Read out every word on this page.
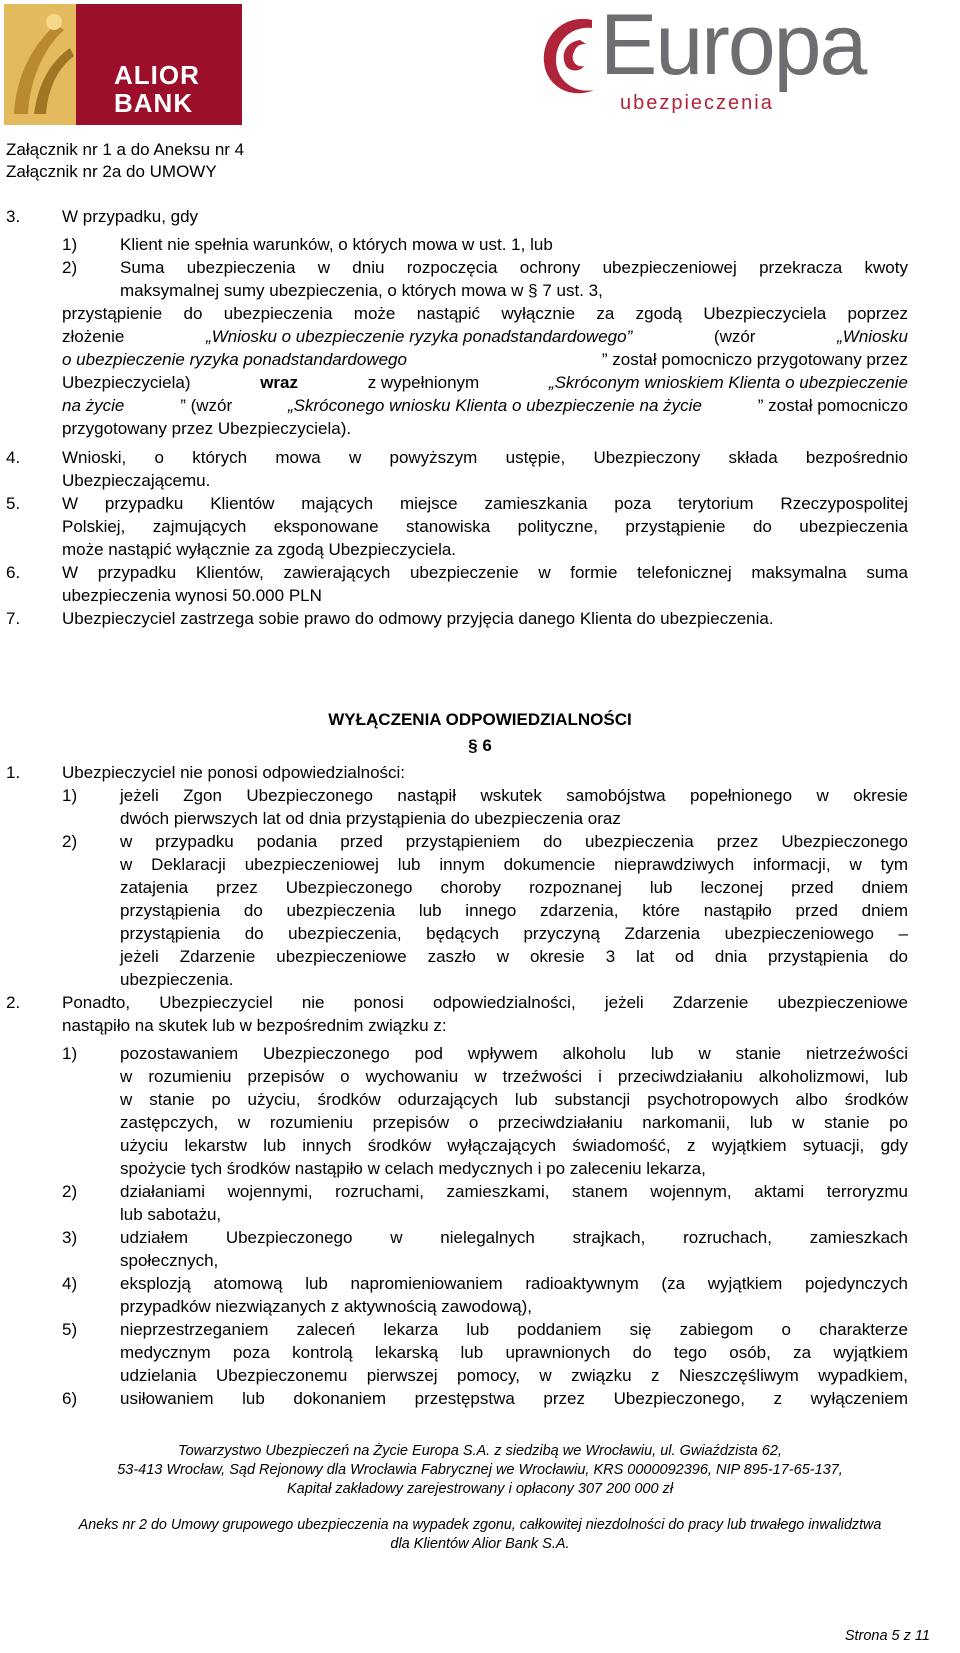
ALIOR
BANK
Europa
ubezpieczenia
Załącznik nr 1 a do Aneksu nr 4
Załącznik nr 2a do UMOWY
3. W przypadku, gdy
1)	Klient nie spełnia warunków, o których mowa w ust. 1, lub
2)	Suma ubezpieczenia w dniu rozpoczęcia ochrony ubezpieczeniowej przekracza kwoty
maksymalnej sumy ubezpieczenia, o których mowa w § 7 ust. 3,
przystąpienie do ubezpieczenia może nastąpić wyłącznie za zgodą Ubezpieczyciela poprzez
złożenie	„Wniosku o ubezpieczenie ryzyka ponadstandardowego”	(wzór	„Wniosku
o ubezpieczenie ryzyka ponadstandardowego	” został pomocniczo przygotowany przez
Ubezpieczyciela)	wraz	z wypełnionym	„Skróconym wnioskiem Klienta o ubezpieczenie
na życie	” (wzór	„Skróconego wniosku Klienta o ubezpieczenie na życie	” został pomocniczo
przygotowany przez Ubezpieczyciela).
4. Wnioski, o których mowa w powyższym ustępie, Ubezpieczony składa bezpośrednio
Ubezpieczającemu.
5. W przypadku Klientów mających miejsce zamieszkania poza terytorium Rzeczypospolitej
Polskiej, zajmujących eksponowane stanowiska polityczne, przystąpienie do ubezpieczenia
może nastąpić wyłącznie za zgodą Ubezpieczyciela.
6. W przypadku Klientów, zawierających ubezpieczenie w formie telefonicznej maksymalna suma
ubezpieczenia wynosi 50.000 PLN
7. Ubezpieczyciel zastrzega sobie prawo do odmowy przyjęcia danego Klienta do ubezpieczenia.
WYŁĄCZENIA ODPOWIEDZIALNOŚCI
§ 6
1. Ubezpieczyciel nie ponosi odpowiedzialności:
1)	jeżeli Zgon Ubezpieczonego nastąpił wskutek samobójstwa popełnionego w okresie
dwóch pierwszych lat od dnia przystąpienia do ubezpieczenia oraz
2)	w przypadku podania przed przystąpieniem do ubezpieczenia przez Ubezpieczonego
w Deklaracji ubezpieczeniowej lub innym dokumencie nieprawdziwych informacji, w tym
zatajenia przez Ubezpieczonego choroby rozpoznanej lub leczonej przed dniem
przystąpienia do ubezpieczenia lub innego zdarzenia, które nastąpiło przed dniem
przystąpienia do ubezpieczenia, będących przyczyną Zdarzenia ubezpieczeniowego –
jeżeli Zdarzenie ubezpieczeniowe zaszło w okresie 3 lat od dnia przystąpienia do
ubezpieczenia.
2. Ponadto, Ubezpieczyciel nie ponosi odpowiedzialności, jeżeli Zdarzenie ubezpieczeniowe
nastąpiło na skutek lub w bezpośrednim związku z:
1)	pozostawaniem Ubezpieczonego pod wpływem alkoholu lub w stanie nietrzeźwości
w rozumieniu przepisów o wychowaniu w trzeźwości i przeciwdziałaniu alkoholizmowi, lub
w stanie po użyciu, środków odurzających lub substancji psychotropowych albo środków
zastępczych, w rozumieniu przepisów o przeciwdziałaniu narkomanii, lub w stanie po
użyciu lekarstw lub innych środków wyłączających świadomość, z wyjątkiem sytuacji, gdy
spożycie tych środków nastąpiło w celach medycznych i po zaleceniu lekarza,
2)	działaniami wojennymi, rozruchami, zamieszkami, stanem wojennym, aktami terroryzmu
lub sabotażu,
3)	udziałem Ubezpieczonego w nielegalnych strajkach, rozruchach, zamieszkach
społecznych,
4)	eksplozją atomową lub napromieniowaniem radioaktywnym (za wyjątkiem pojedynczych
przypadków niezwiązanych z aktywnością zawodową),
5)	nieprzestrzeganiem zaleceń lekarza lub poddaniem się zabiegom o charakterze
medycznym poza kontrolą lekarską lub uprawnionych do tego osób, za wyjątkiem
udzielania Ubezpieczonemu pierwszej pomocy, w związku z Nieszczęśliwym wypadkiem,
6)	usiłowaniem lub dokonaniem przestępstwa przez Ubezpieczonego, z wyłączeniem
Towarzystwo Ubezpieczeń na Życie Europa S.A. z siedzibą we Wrocławiu, ul. Gwiaździsta 62,
53-413 Wrocław, Sąd Rejonowy dla Wrocławia Fabrycznej we Wrocławiu, KRS 0000092396, NIP 895-17-65-137,
Kapitał zakładowy zarejestrowany i opłacony 307 200 000 zł
Aneks nr 2 do Umowy grupowego ubezpieczenia na wypadek zgonu, całkowitej niezdolności do pracy lub trwałego inwalidztwa
dla Klientów Alior Bank S.A.
Strona 5 z 11
